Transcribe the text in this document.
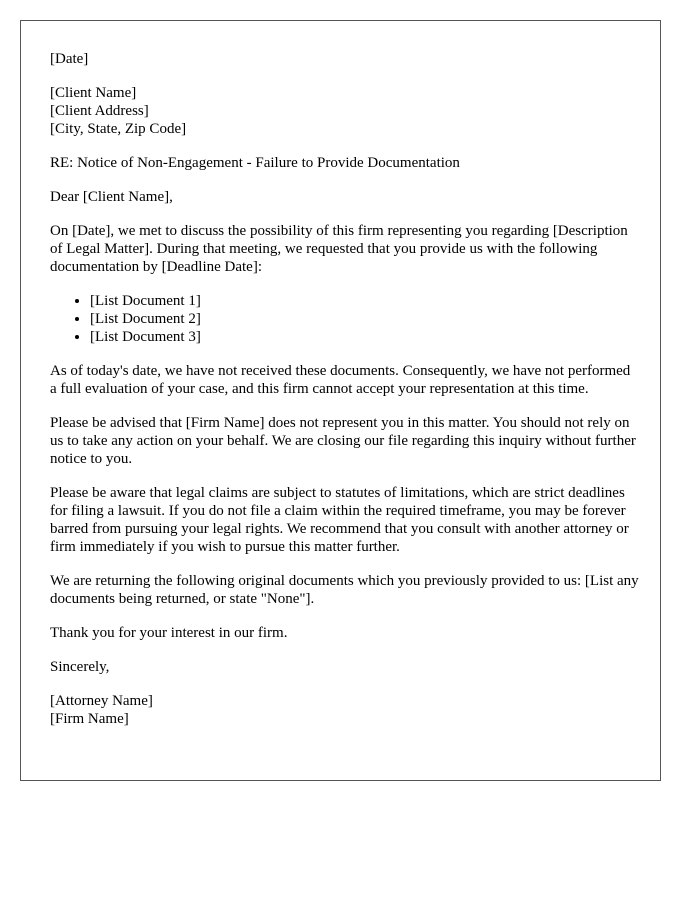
[Date]

[Client Name]
[Client Address]
[City, State, Zip Code]

RE: Notice of Non-Engagement - Failure to Provide Documentation

Dear [Client Name],

On [Date], we met to discuss the possibility of this firm representing you regarding [Description of Legal Matter]. During that meeting, we requested that you provide us with the following documentation by [Deadline Date]:

• [List Document 1]
• [List Document 2]
• [List Document 3]

As of today's date, we have not received these documents. Consequently, we have not performed a full evaluation of your case, and this firm cannot accept your representation at this time.

Please be advised that [Firm Name] does not represent you in this matter. You should not rely on us to take any action on your behalf. We are closing our file regarding this inquiry without further notice to you.

Please be aware that legal claims are subject to statutes of limitations, which are strict deadlines for filing a lawsuit. If you do not file a claim within the required timeframe, you may be forever barred from pursuing your legal rights. We recommend that you consult with another attorney or firm immediately if you wish to pursue this matter further.

We are returning the following original documents which you previously provided to us: [List any documents being returned, or state "None"].

Thank you for your interest in our firm.

Sincerely,

[Attorney Name]
[Firm Name]
